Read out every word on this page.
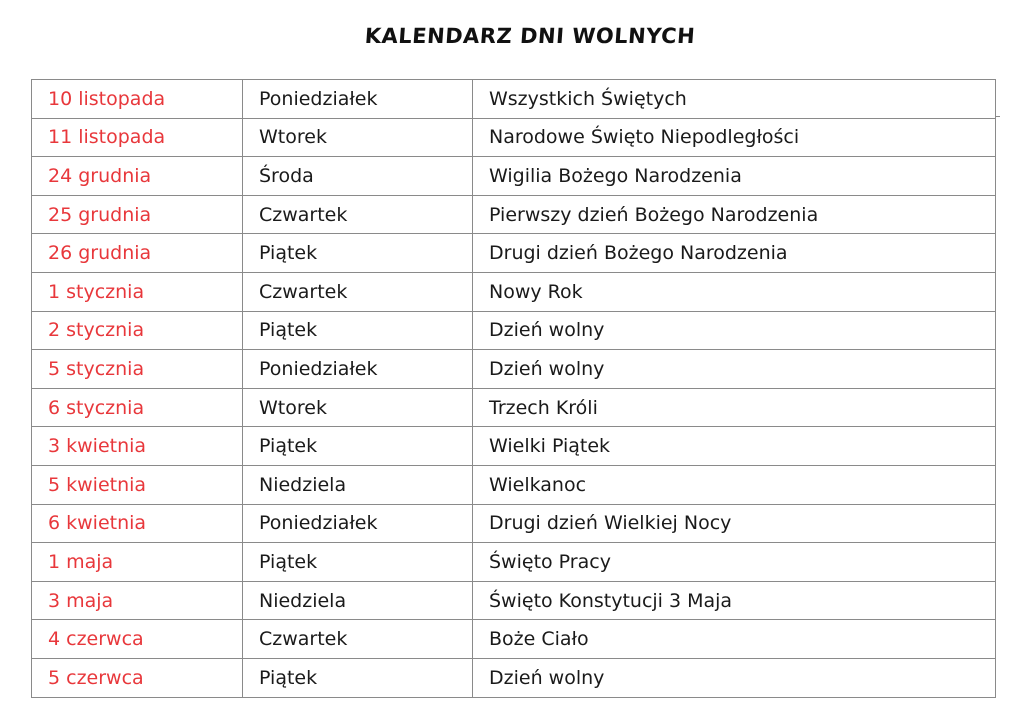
KALENDARZ DNI WOLNYCH
10 listopada	Poniedziałek	Wszystkich Świętych
11 listopada	Wtorek	Narodowe Święto Niepodległości
24 grudnia	Środa	Wigilia Bożego Narodzenia
25 grudnia	Czwartek	Pierwszy dzień Bożego Narodzenia
26 grudnia	Piątek	Drugi dzień Bożego Narodzenia
1 stycznia	Czwartek	Nowy Rok
2 stycznia	Piątek	Dzień wolny
5 stycznia	Poniedziałek	Dzień wolny
6 stycznia	Wtorek	Trzech Króli
3 kwietnia	Piątek	Wielki Piątek
5 kwietnia	Niedziela	Wielkanoc
6 kwietnia	Poniedziałek	Drugi dzień Wielkiej Nocy
1 maja	Piątek	Święto Pracy
3 maja	Niedziela	Święto Konstytucji 3 Maja
4 czerwca	Czwartek	Boże Ciało
5 czerwca	Piątek	Dzień wolny
